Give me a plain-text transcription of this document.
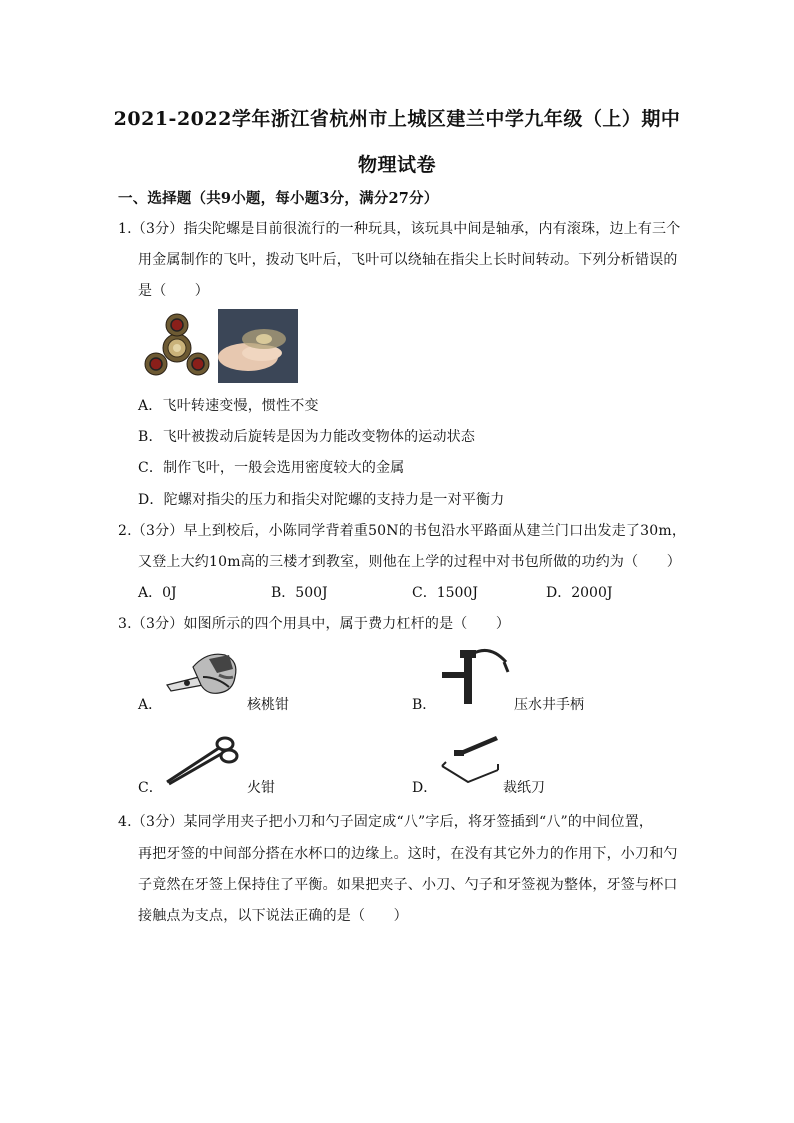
2021-2022学年浙江省杭州市上城区建兰中学九年级（上）期中
物理试卷
一、选择题（共9小题，每小题3分，满分27分）
1.（3分）指尖陀螺是目前很流行的一种玩具，该玩具中间是轴承，内有滚珠，边上有三个
用金属制作的飞叶，拨动飞叶后，飞叶可以绕轴在指尖上长时间转动。下列分析错误的
是（　　）
A．飞叶转速变慢，惯性不变
B．飞叶被拨动后旋转是因为力能改变物体的运动状态
C．制作飞叶，一般会选用密度较大的金属
D．陀螺对指尖的压力和指尖对陀螺的支持力是一对平衡力
2.（3分）早上到校后，小陈同学背着重50N的书包沿水平路面从建兰门口出发走了30m，
又登上大约10m高的三楼才到教室，则他在上学的过程中对书包所做的功约为（　　）
A．0J	B．500J	C．1500J	D．2000J
3.（3分）如图所示的四个用具中，属于费力杠杆的是（　　）
A．	核桃钳	B．	压水井手柄
C．	火钳	D．	裁纸刀
4.（3分）某同学用夹子把小刀和勺子固定成“八”字后，将牙签插到“八”的中间位置，
再把牙签的中间部分搭在水杯口的边缘上。这时，在没有其它外力的作用下，小刀和勺
子竟然在牙签上保持住了平衡。如果把夹子、小刀、勺子和牙签视为整体，牙签与杯口
接触点为支点，以下说法正确的是（　　）
